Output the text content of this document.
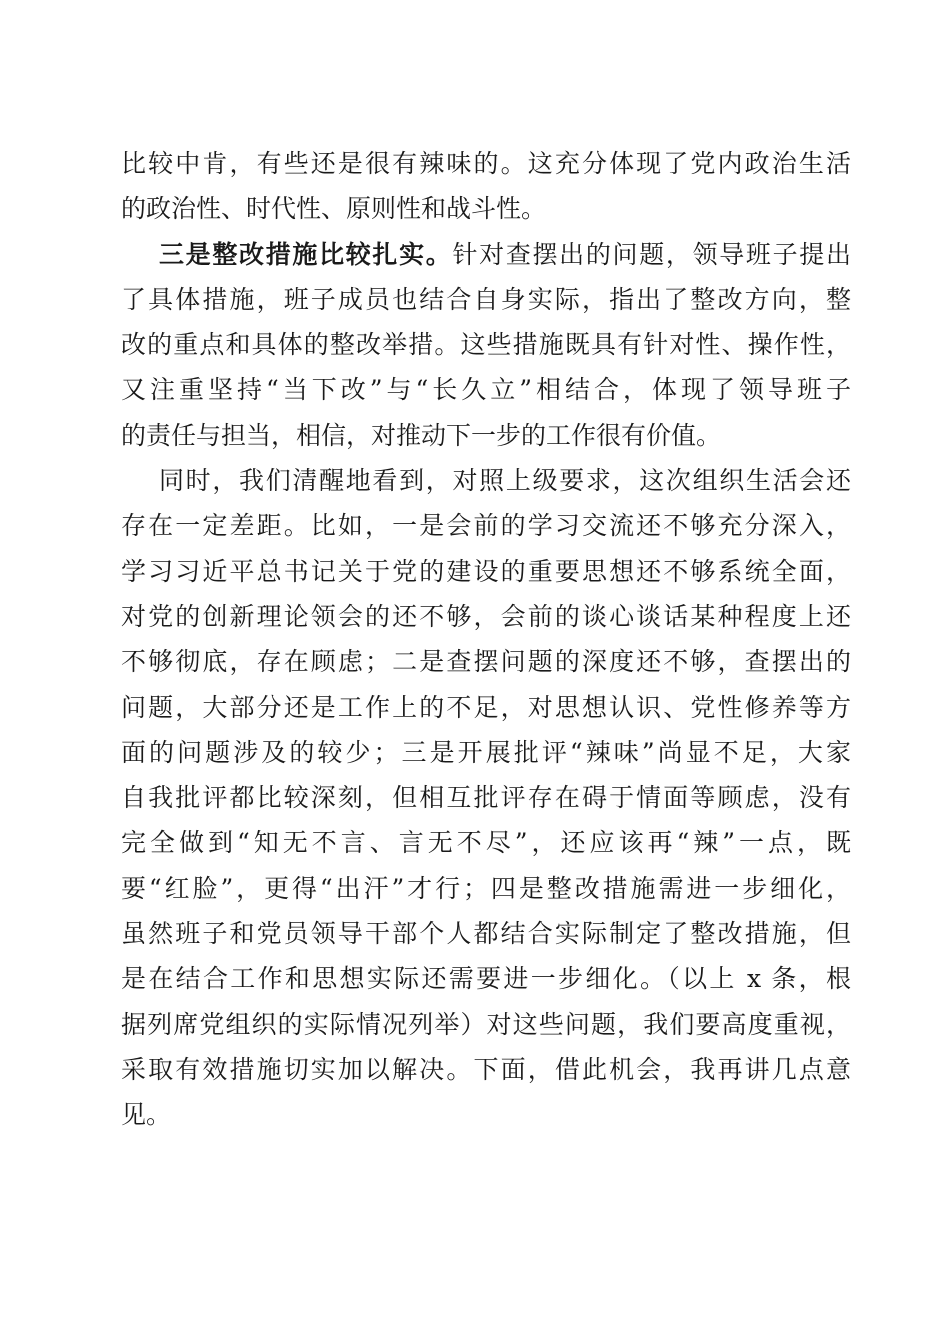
比较中肯，有些还是很有辣味的。这充分体现了党内政治生活
的政治性、时代性、原则性和战斗性。
三是整改措施比较扎实。针对查摆出的问题，领导班子提出
了具体措施，班子成员也结合自身实际，指出了整改方向，整
改的重点和具体的整改举措。这些措施既具有针对性、操作性，
又注重坚持“当下改”与“长久立”相结合，体现了领导班子
的责任与担当，相信，对推动下一步的工作很有价值。
同时，我们清醒地看到，对照上级要求，这次组织生活会还
存在一定差距。比如，一是会前的学习交流还不够充分深入，
学习习近平总书记关于党的建设的重要思想还不够系统全面，
对党的创新理论领会的还不够，会前的谈心谈话某种程度上还
不够彻底，存在顾虑；二是查摆问题的深度还不够，查摆出的
问题，大部分还是工作上的不足，对思想认识、党性修养等方
面的问题涉及的较少；三是开展批评“辣味”尚显不足，大家
自我批评都比较深刻，但相互批评存在碍于情面等顾虑，没有
完全做到“知无不言、言无不尽”，还应该再“辣”一点，既
要“红脸”，更得“出汗”才行；四是整改措施需进一步细化，
虽然班子和党员领导干部个人都结合实际制定了整改措施，但
是在结合工作和思想实际还需要进一步细化。（以上 x 条，根
据列席党组织的实际情况列举）对这些问题，我们要高度重视，
采取有效措施切实加以解决。下面，借此机会，我再讲几点意
见。
